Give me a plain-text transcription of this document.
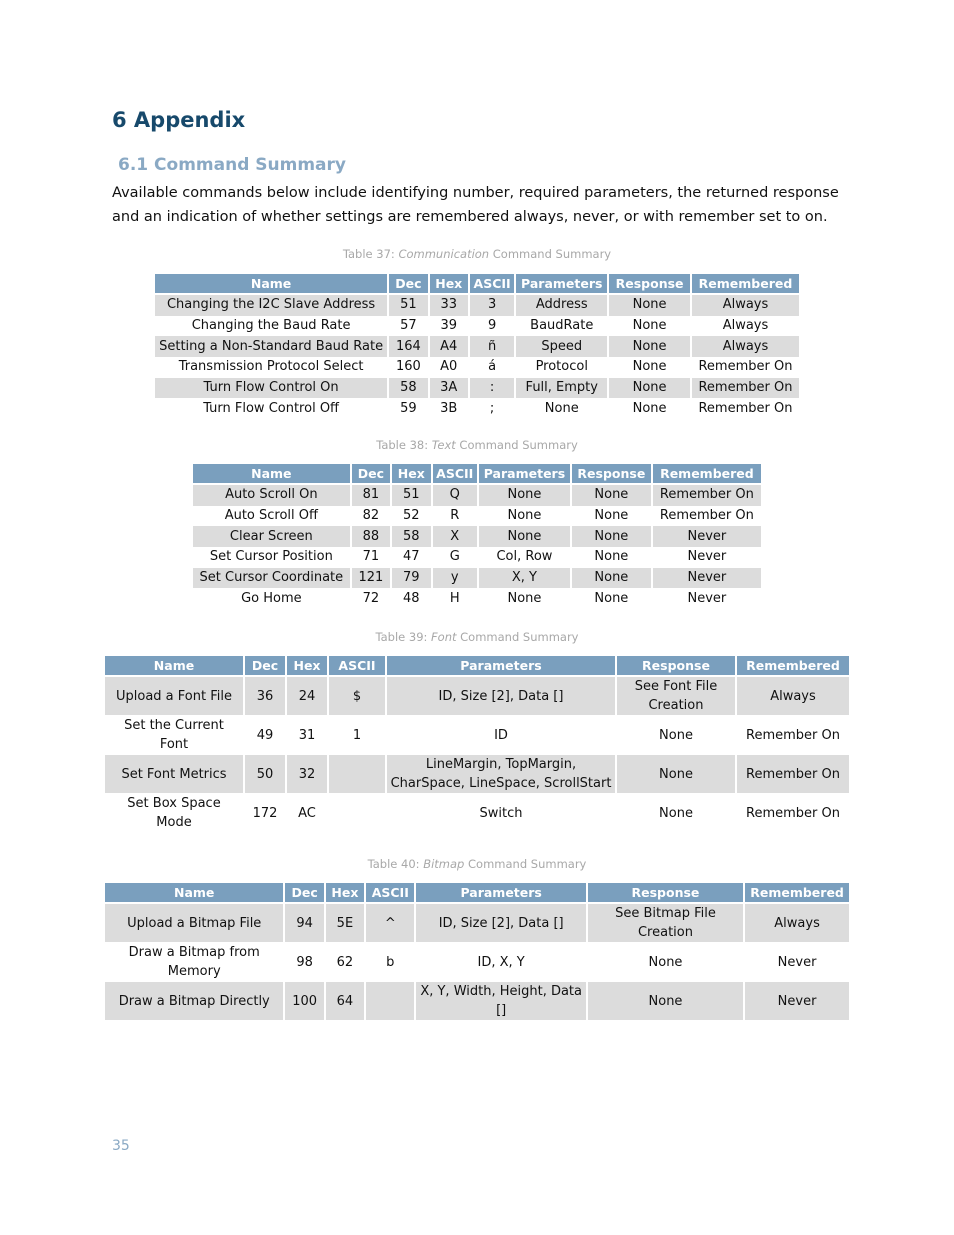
6 Appendix
6.1 Command Summary

Available commands below include identifying number, required parameters, the returned response and an indication of whether settings are remembered always, never, or with remember set to on.

Table 37: Communication Command Summary

Name	Dec	Hex	ASCII	Parameters	Response	Remembered
Changing the I2C Slave Address	51	33	3	Address	None	Always
Changing the Baud Rate	57	39	9	BaudRate	None	Always
Setting a Non-Standard Baud Rate	164	A4	ñ	Speed	None	Always
Transmission Protocol Select	160	A0	á	Protocol	None	Remember On
Turn Flow Control On	58	3A	:	Full, Empty	None	Remember On
Turn Flow Control Off	59	3B	;	None	None	Remember On

Table 38: Text Command Summary

Name	Dec	Hex	ASCII	Parameters	Response	Remembered
Auto Scroll On	81	51	Q	None	None	Remember On
Auto Scroll Off	82	52	R	None	None	Remember On
Clear Screen	88	58	X	None	None	Never
Set Cursor Position	71	47	G	Col, Row	None	Never
Set Cursor Coordinate	121	79	y	X, Y	None	Never
Go Home	72	48	H	None	None	Never

Table 39: Font Command Summary

Name	Dec	Hex	ASCII	Parameters	Response	Remembered
Upload a Font File	36	24	$	ID, Size [2], Data []	See Font File Creation	Always
Set the Current Font	49	31	1	ID	None	Remember On
Set Font Metrics	50	32		LineMargin, TopMargin, CharSpace, LineSpace, ScrollStart	None	Remember On
Set Box Space Mode	172	AC		Switch	None	Remember On

Table 40: Bitmap Command Summary

Name	Dec	Hex	ASCII	Parameters	Response	Remembered
Upload a Bitmap File	94	5E	^	ID, Size [2], Data []	See Bitmap File Creation	Always
Draw a Bitmap from Memory	98	62	b	ID, X, Y	None	Never
Draw a Bitmap Directly	100	64		X, Y, Width, Height, Data []	None	Never

35
